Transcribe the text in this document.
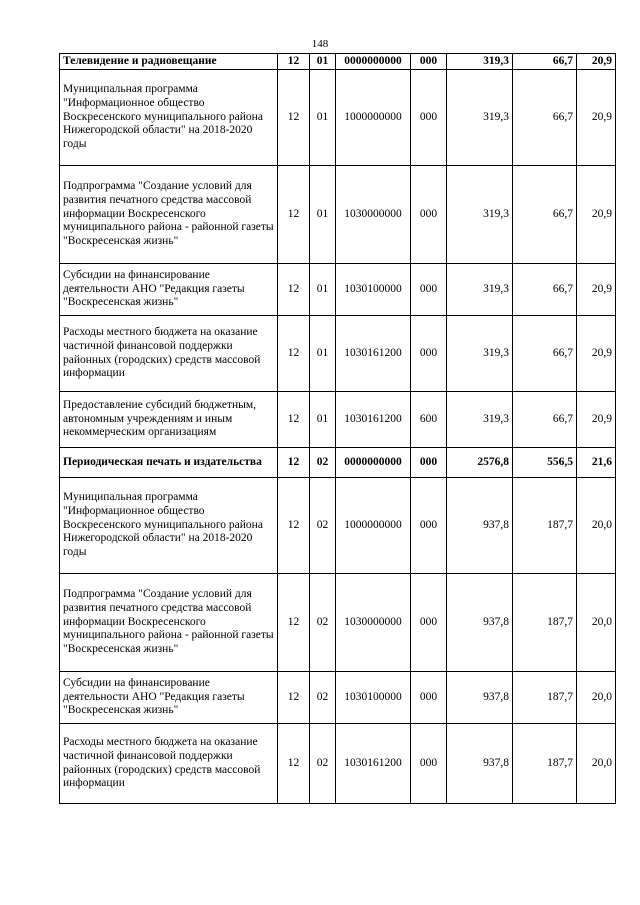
148
Телевидение и радиовещание	12	01	0000000000	000	319,3	66,7	20,9
Муниципальная программа "Информационное общество Воскресенского муниципального района Нижегородской области" на 2018-2020 годы	12	01	1000000000	000	319,3	66,7	20,9
Подпрограмма "Создание условий для развития печатного средства массовой информации Воскресенского муниципального района - районной газеты "Воскресенская жизнь"	12	01	1030000000	000	319,3	66,7	20,9
Субсидии на финансирование деятельности АНО "Редакция газеты "Воскресенская жизнь"	12	01	1030100000	000	319,3	66,7	20,9
Расходы местного бюджета на оказание частичной финансовой поддержки районных (городских) средств массовой информации	12	01	1030161200	000	319,3	66,7	20,9
Предоставление субсидий бюджетным, автономным учреждениям и иным некоммерческим организациям	12	01	1030161200	600	319,3	66,7	20,9
Периодическая печать и издательства	12	02	0000000000	000	2576,8	556,5	21,6
Муниципальная программа "Информационное общество Воскресенского муниципального района Нижегородской области" на 2018-2020 годы	12	02	1000000000	000	937,8	187,7	20,0
Подпрограмма "Создание условий для развития печатного средства массовой информации Воскресенского муниципального района - районной газеты "Воскресенская жизнь"	12	02	1030000000	000	937,8	187,7	20,0
Субсидии на финансирование деятельности АНО "Редакция газеты "Воскресенская жизнь"	12	02	1030100000	000	937,8	187,7	20,0
Расходы местного бюджета на оказание частичной финансовой поддержки районных (городских) средств массовой информации	12	02	1030161200	000	937,8	187,7	20,0
